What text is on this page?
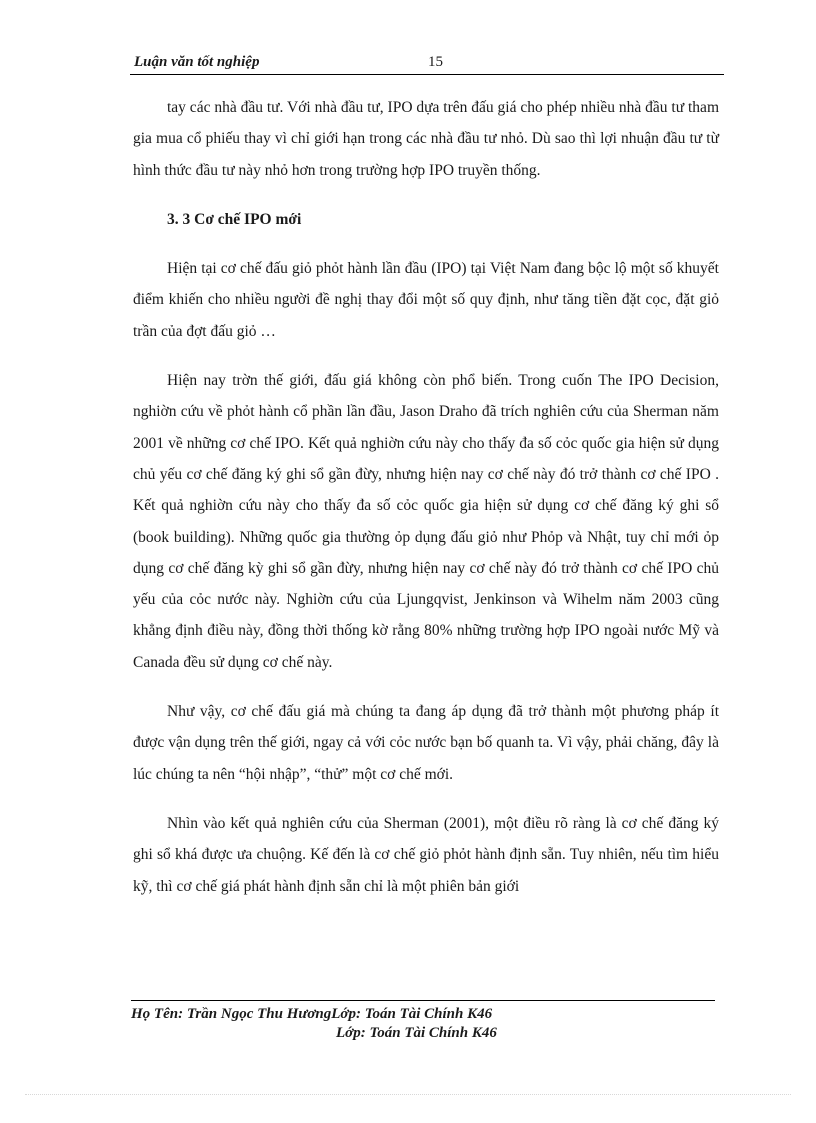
Luận văn tốt nghiệp	15

tay các nhà đầu tư. Với nhà đầu tư, IPO dựa trên đấu giá cho phép nhiều nhà đầu tư tham gia mua cổ phiếu thay vì chỉ giới hạn trong các nhà đầu tư nhỏ. Dù sao thì lợi nhuận đầu tư từ hình thức đầu tư này nhỏ hơn trong trường hợp IPO truyền thống.

3. 3 Cơ chế IPO mới

Hiện tại cơ chế đấu giỏ phỏt hành lần đầu (IPO) tại Việt Nam đang bộc lộ một số khuyết điểm khiến cho nhiều người đề nghị thay đổi một số quy định, như tăng tiền đặt cọc, đặt giỏ trần của đợt đấu giỏ …

Hiện nay trờn thế giới, đấu giá không còn phổ biến. Trong cuốn The IPO Decision, nghiờn cứu về phỏt hành cổ phần lần đầu, Jason Draho đã trích nghiên cứu của Sherman năm 2001 về những cơ chế IPO. Kết quả nghiờn cứu này cho thấy đa số cỏc quốc gia hiện sử dụng chủ yếu cơ chế đăng ký ghi sổ gần đừy, nhưng hiện nay cơ chế này đó trở thành cơ chế IPO . Kết quả nghiờn cứu này cho thấy đa số cỏc quốc gia hiện sử dụng cơ chế đăng ký ghi sổ (book building). Những quốc gia thường ỏp dụng đấu giỏ như Phỏp và Nhật, tuy chỉ mới ỏp dụng cơ chế đăng kỳ ghi sổ gần đừy, nhưng hiện nay cơ chế này đó trở thành cơ chế IPO chủ yếu của cỏc nước này. Nghiờn cứu của Ljungqvist, Jenkinson và Wihelm năm 2003 cũng khẳng định điều này, đồng thời thống kờ rằng 80% những trường hợp IPO ngoài nước Mỹ và Canada đều sử dụng cơ chế này.

Như vậy, cơ chế đấu giá mà chúng ta đang áp dụng đã trở thành một phương pháp ít được vận dụng trên thế giới, ngay cả với cỏc nước bạn bố quanh ta. Vì vậy, phải chăng, đây là lúc chúng ta nên “hội nhập”, “thử” một cơ chế mới.

Nhìn vào kết quả nghiên cứu của Sherman (2001), một điều rõ ràng là cơ chế đăng ký ghi sổ khá được ưa chuộng. Kế đến là cơ chế giỏ phỏt hành định sẵn. Tuy nhiên, nếu tìm hiểu kỹ, thì cơ chế giá phát hành định sẵn chỉ là một phiên bản giới

Họ Tên: Trần Ngọc Thu HươngLớp: Toán Tài Chính K46
Lớp: Toán Tài Chính K46
